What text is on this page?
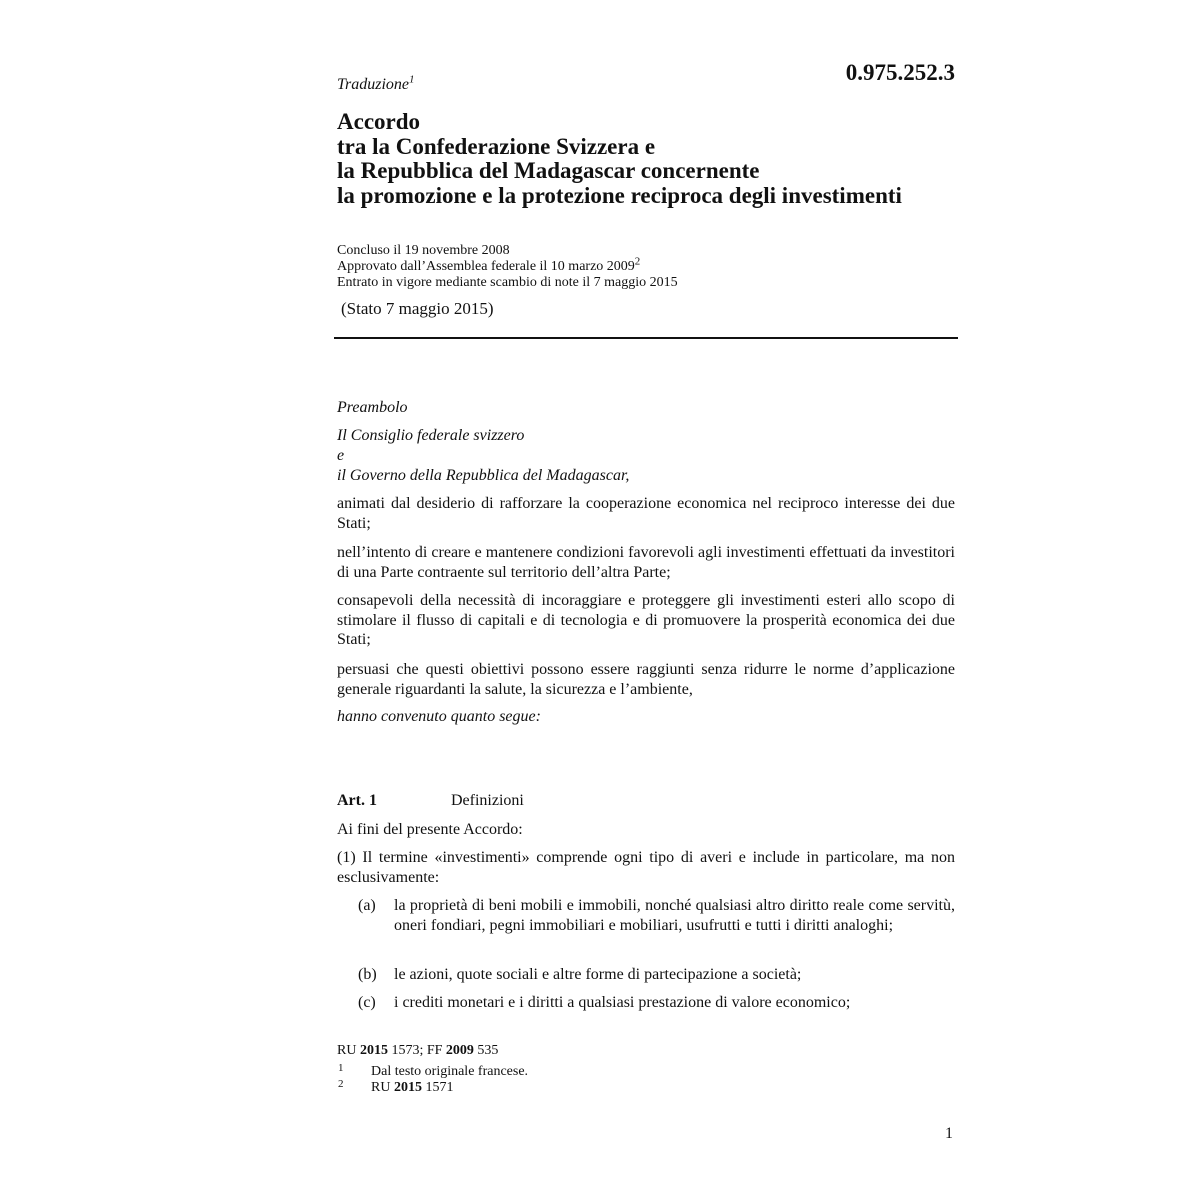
Traduzione$^1$	0.975.252.3
Accordo
tra la Confederazione Svizzera e
la Repubblica del Madagascar concernente
la promozione e la protezione reciproca degli investimenti
Concluso il 19 novembre 2008
Approvato dall’Assemblea federale il 10 marzo 2009$^2$
Entrato in vigore mediante scambio di note il 7 maggio 2015
(Stato 7 maggio 2015)
Preambolo
Il Consiglio federale svizzero
e
il Governo della Repubblica del Madagascar,
animati dal desiderio di rafforzare la cooperazione economica nel reciproco interesse dei due Stati;
nell’intento di creare e mantenere condizioni favorevoli agli investimenti effettuati da investitori di una Parte contraente sul territorio dell’altra Parte;
consapevoli della necessità di incoraggiare e proteggere gli investimenti esteri allo scopo di stimolare il flusso di capitali e di tecnologia e di promuovere la prosperità economica dei due Stati;
persuasi che questi obiettivi possono essere raggiunti senza ridurre le norme d’applicazione generale riguardanti la salute, la sicurezza e l’ambiente,
hanno convenuto quanto segue:
Art. 1	Definizioni
Ai fini del presente Accordo:
(1) Il termine «investimenti» comprende ogni tipo di averi e include in particolare, ma non esclusivamente:
(a) la proprietà di beni mobili e immobili, nonché qualsiasi altro diritto reale come servitù, oneri fondiari, pegni immobiliari e mobiliari, usufrutti e tutti i diritti analoghi;
(b) le azioni, quote sociali e altre forme di partecipazione a società;
(c) i crediti monetari e i diritti a qualsiasi prestazione di valore economico;
RU 2015 1573; FF 2009 535
1 Dal testo originale francese.
2 RU 2015 1571
1
